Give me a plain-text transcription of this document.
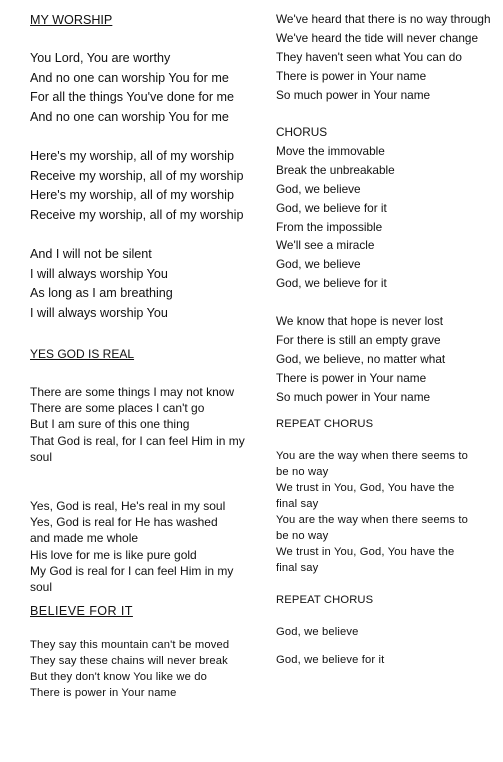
MY WORSHIP
You Lord, You are worthy
And no one can worship You for me
For all the things You've done for me
And no one can worship You for me
Here's my worship, all of my worship
Receive my worship, all of my worship
Here's my worship, all of my worship
Receive my worship, all of my worship
And I will not be silent
I will always worship You
As long as I am breathing
I will always worship You
YES GOD IS REAL
There are some things I may not know
There are some places I can't go
But I am sure of this one thing
That God is real, for I can feel Him in my soul
Yes, God is real, He's real in my soul
Yes, God is real for He has washed and made me whole
His love for me is like pure gold
My God is real for I can feel Him in my soul
BELIEVE FOR IT
They say this mountain can't be moved
They say these chains will never break
But they don't know You like we do
There is power in Your name
We've heard that there is no way through
We've heard the tide will never change
They haven't seen what You can do
There is power in Your name
So much power in Your name
CHORUS
Move the immovable
Break the unbreakable
God, we believe
God, we believe for it
From the impossible
We'll see a miracle
God, we believe
God, we believe for it
We know that hope is never lost
For there is still an empty grave
God, we believe, no matter what
There is power in Your name
So much power in Your name
REPEAT CHORUS
You are the way when there seems to be no way
We trust in You, God, You have the final say
You are the way when there seems to be no way
We trust in You, God, You have the final say
REPEAT CHORUS
God, we believe
God, we believe for it
